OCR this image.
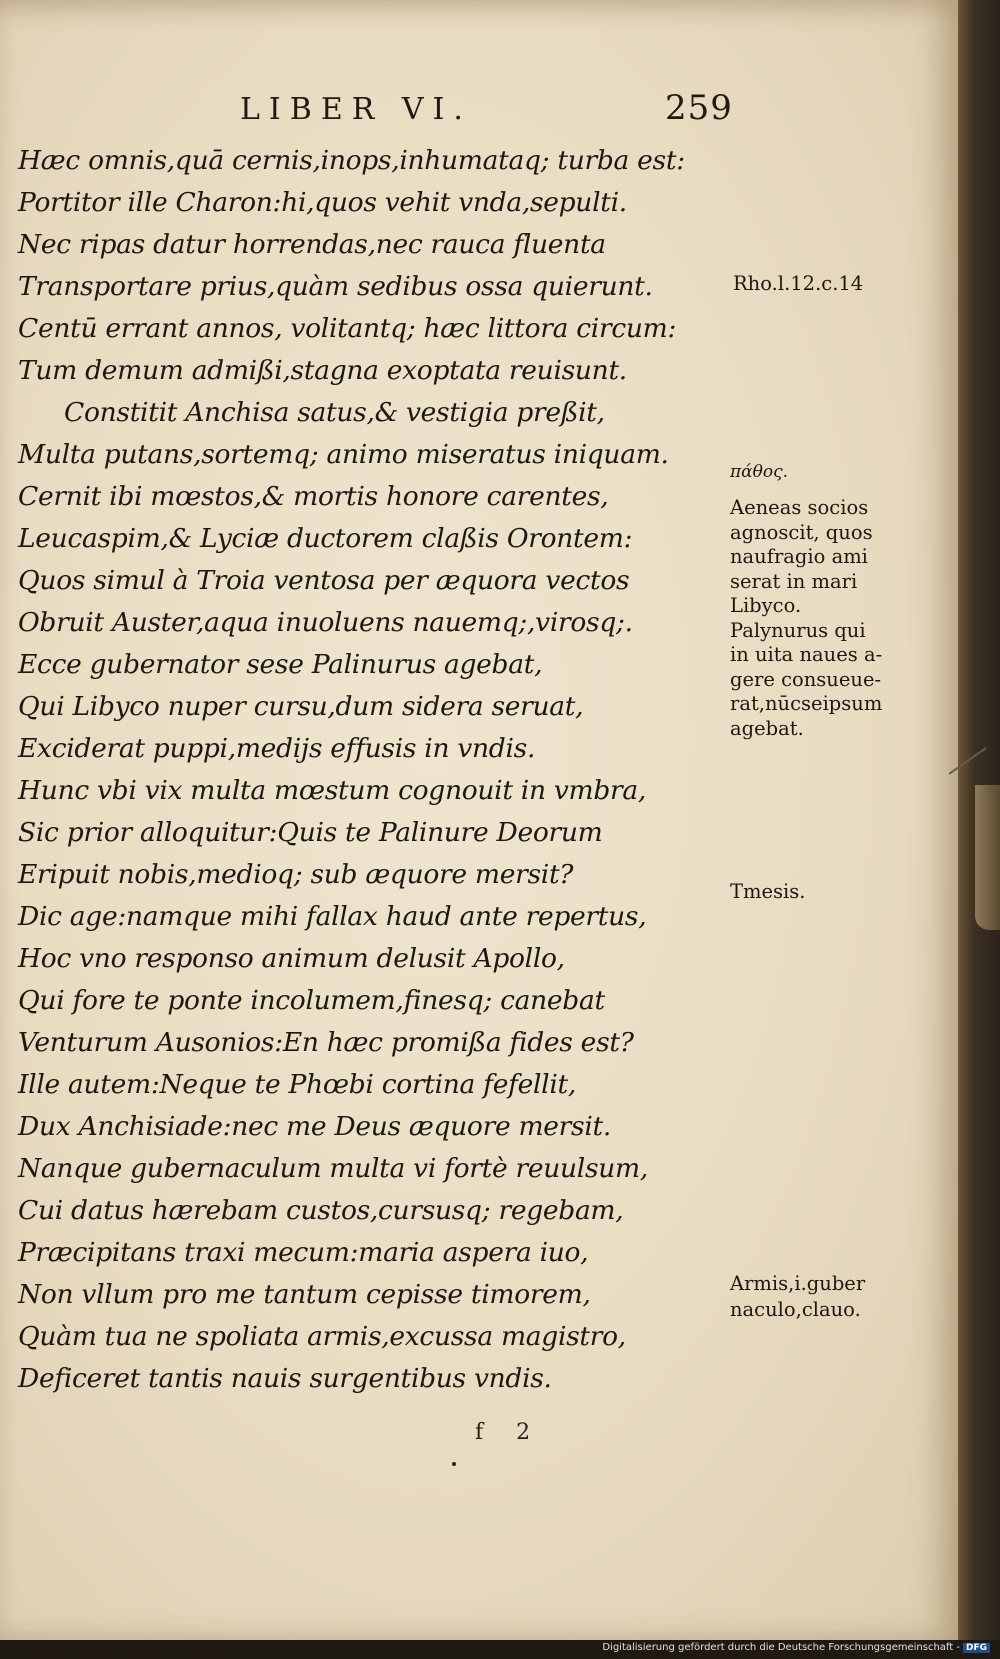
LIBER VI.	259
Hæc omnis,quā cernis,inops,inhumataq; turba est:
Portitor ille Charon:hi,quos vehit vnda,sepulti.
Nec ripas datur horrendas,nec rauca fluenta
Transportare prius,quàm sedibus ossa quierunt.
Centū errant annos, volitantq; hæc littora circum:
Tum demum admißi,stagna exoptata reuisunt.
Constitit Anchisa satus,& vestigia preßit,
Multa putans,sortemq; animo miseratus iniquam.
Cernit ibi mœstos,& mortis honore carentes,
Leucaspim,& Lyciæ ductorem claßis Orontem:
Quos simul à Troia ventosa per æquora vectos
Obruit Auster,aqua inuoluens nauemq;,virosq;.
Ecce gubernator sese Palinurus agebat,
Qui Libyco nuper cursu,dum sidera seruat,
Exciderat puppi,medijs effusis in vndis.
Hunc vbi vix multa mœstum cognouit in vmbra,
Sic prior alloquitur:Quis te Palinure Deorum
Eripuit nobis,medioq; sub æquore mersit?
Dic age:namque mihi fallax haud ante repertus,
Hoc vno responso animum delusit Apollo,
Qui fore te ponte incolumem,finesq; canebat
Venturum Ausonios:En hæc promißa fides est?
Ille autem:Neque te Phœbi cortina fefellit,
Dux Anchisiade:nec me Deus æquore mersit.
Nanque gubernaculum multa vi fortè reuulsum,
Cui datus hærebam custos,cursusq; regebam,
Præcipitans traxi mecum:maria aspera iuo,
Non vllum pro me tantum cepisse timorem,
Quàm tua ne spoliata armis,excussa magistro,
Deficeret tantis nauis surgentibus vndis.
Rho.l.12.c.14
πάθος.
Aeneas socios
agnoscit, quos
naufragio ami
serat in mari
Libyco.
Palynurus qui
in uita naues a-
gere consueue-
rat,nūcseipsum
agebat.
Tmesis.
Armis,i.guber
naculo,clauo.
f 2
Digitalisierung gefördert durch die Deutsche Forschungsgemeinschaft - DFG
